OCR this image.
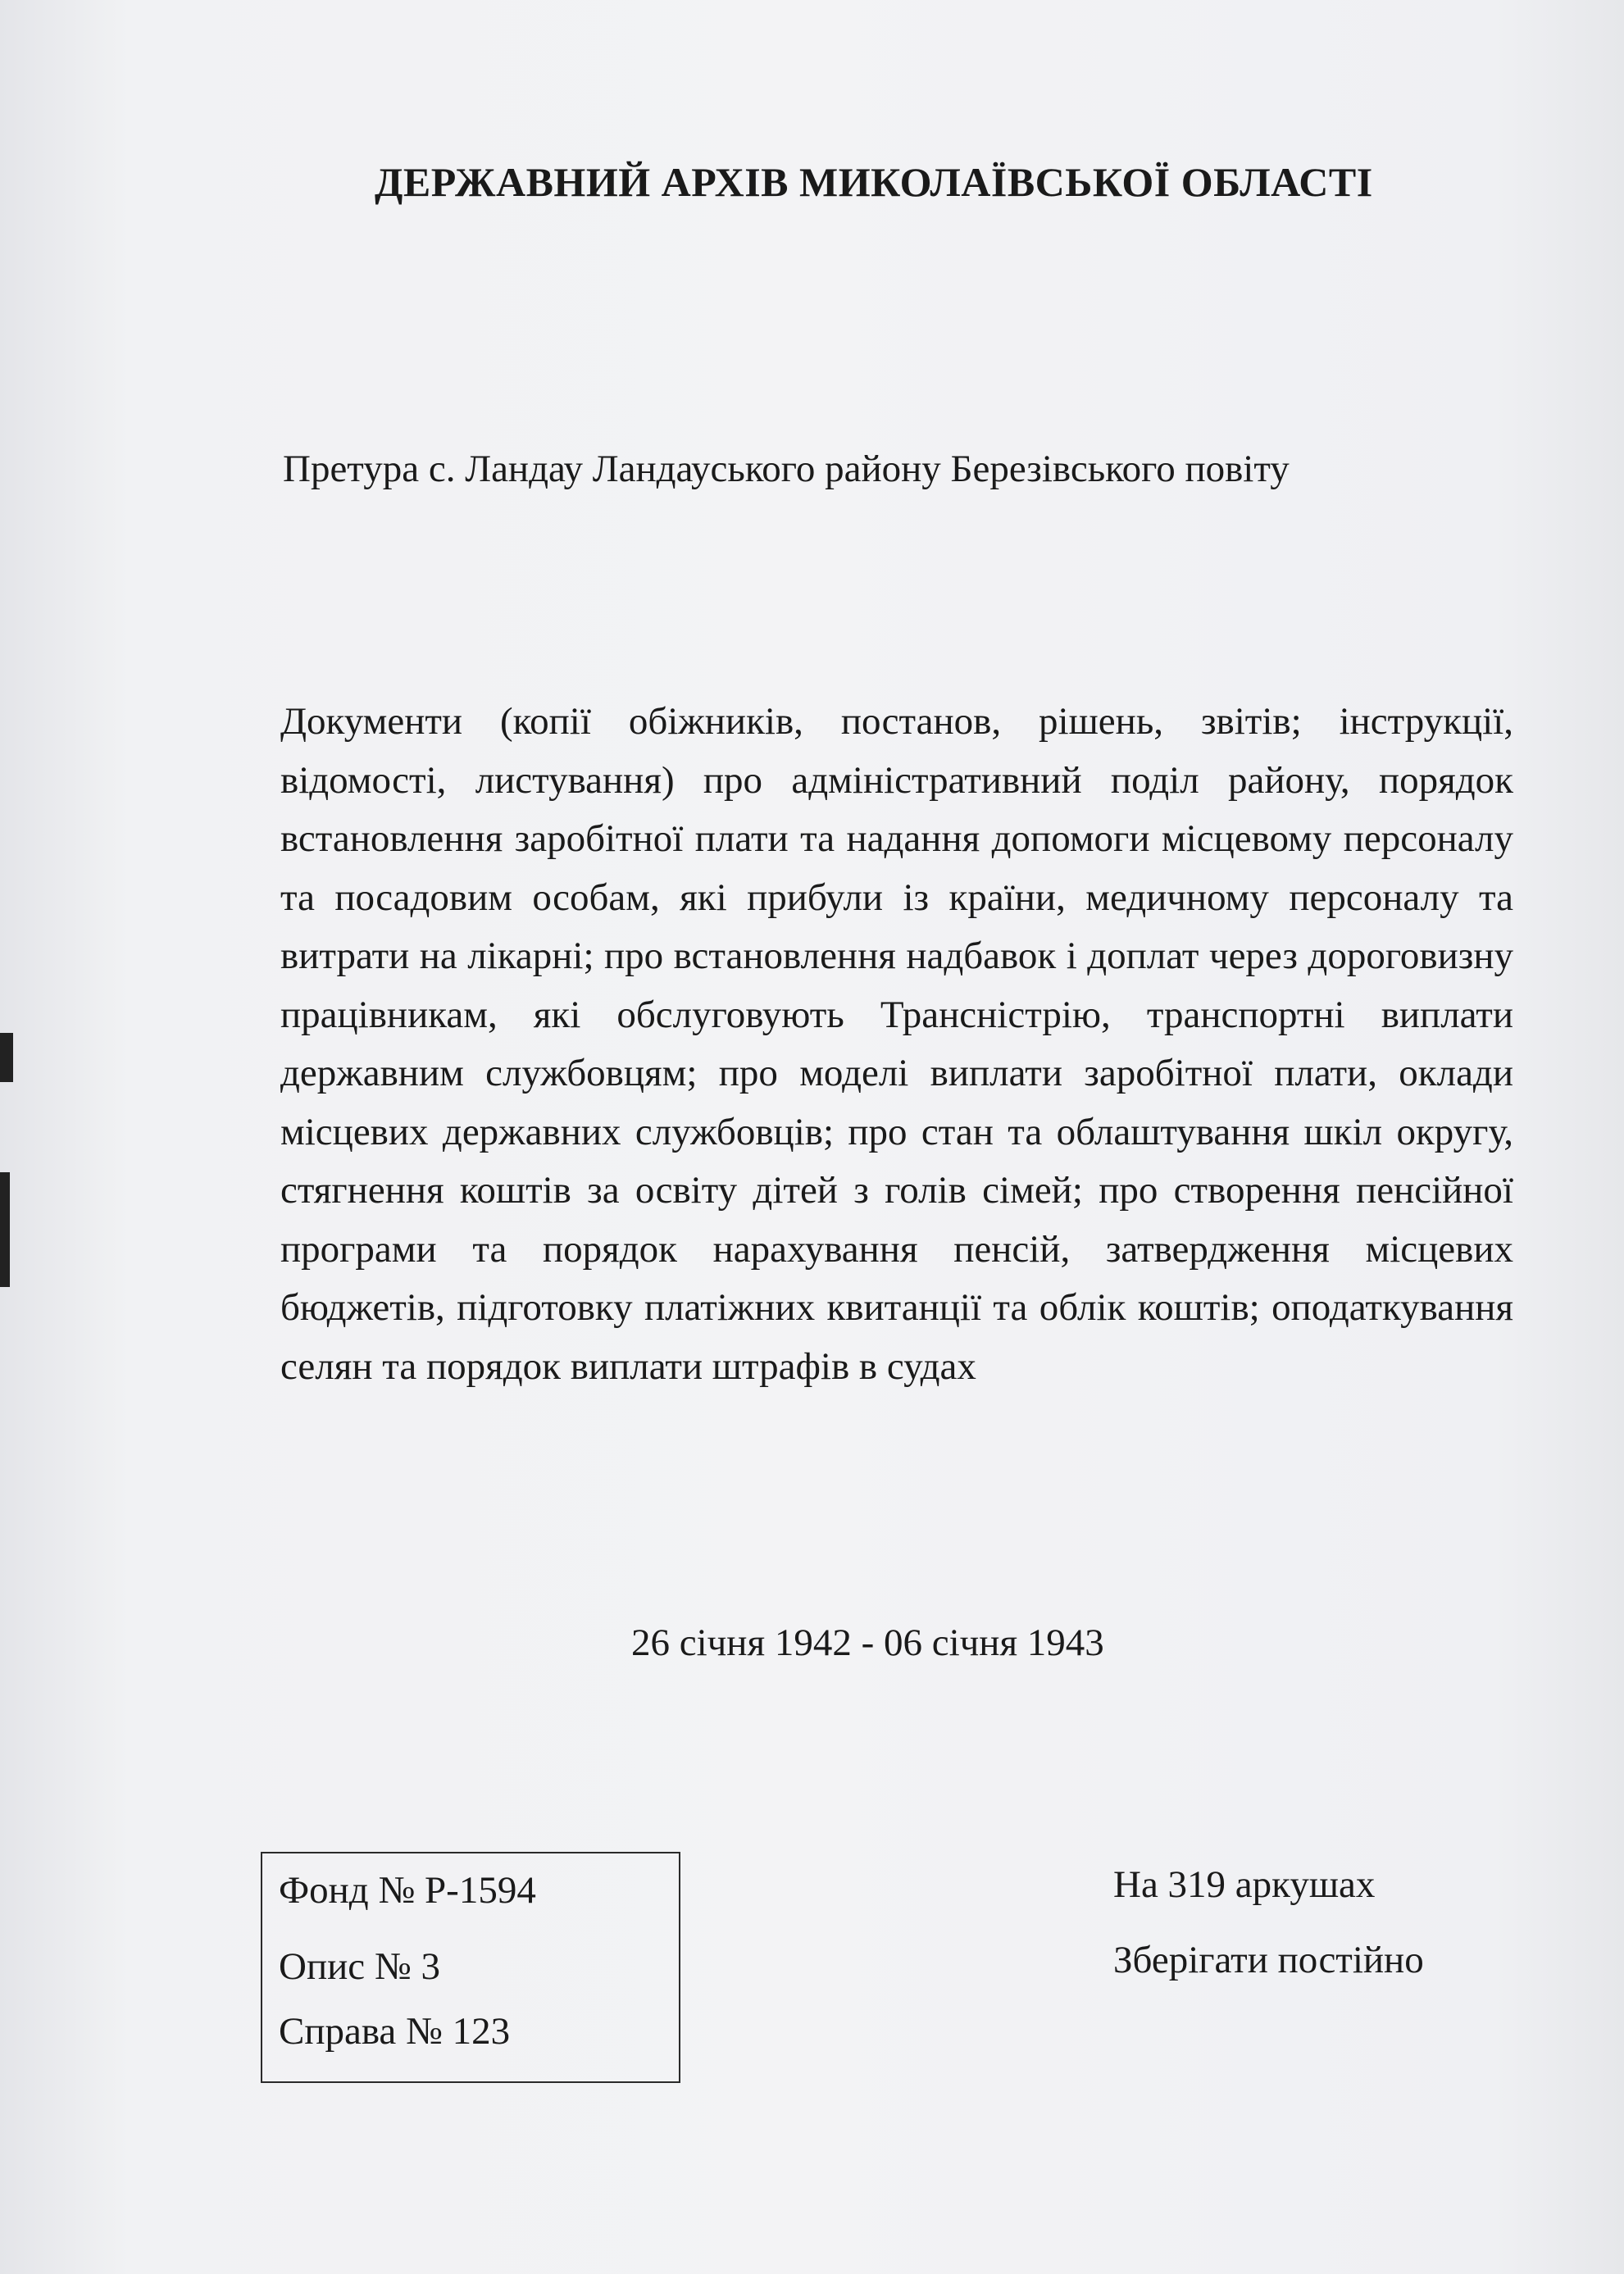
ДЕРЖАВНИЙ АРХІВ МИКОЛАЇВСЬКОЇ ОБЛАСТІ
Претура с. Ландау Ландауського району Березівського повіту

Документи (копії обіжників, постанов, рішень, звітів; інструкції, відомості, листування) про адміністративний поділ району, порядок встановлення заробітної плати та надання допомоги місцевому персоналу та посадовим особам, які прибули із країни, медичному персоналу та витрати на лікарні; про встановлення надбавок і доплат через дороговизну працівникам, які обслуговують Трансністрію, транспортні виплати державним службовцям; про моделі виплати заробітної плати, оклади місцевих державних службовців; про стан та облаштування шкіл округу, стягнення коштів за освіту дітей з голів сімей; про створення пенсійної програми та порядок нарахування пенсій, затвердження місцевих бюджетів, підготовку платіжних квитанції та облік коштів; оподаткування селян та порядок виплати штрафів в судах

26 січня 1942 - 06 січня 1943
Фонд № Р-1594
Опис № 3
Справа № 123
На 319 аркушах
Зберігати постійно
